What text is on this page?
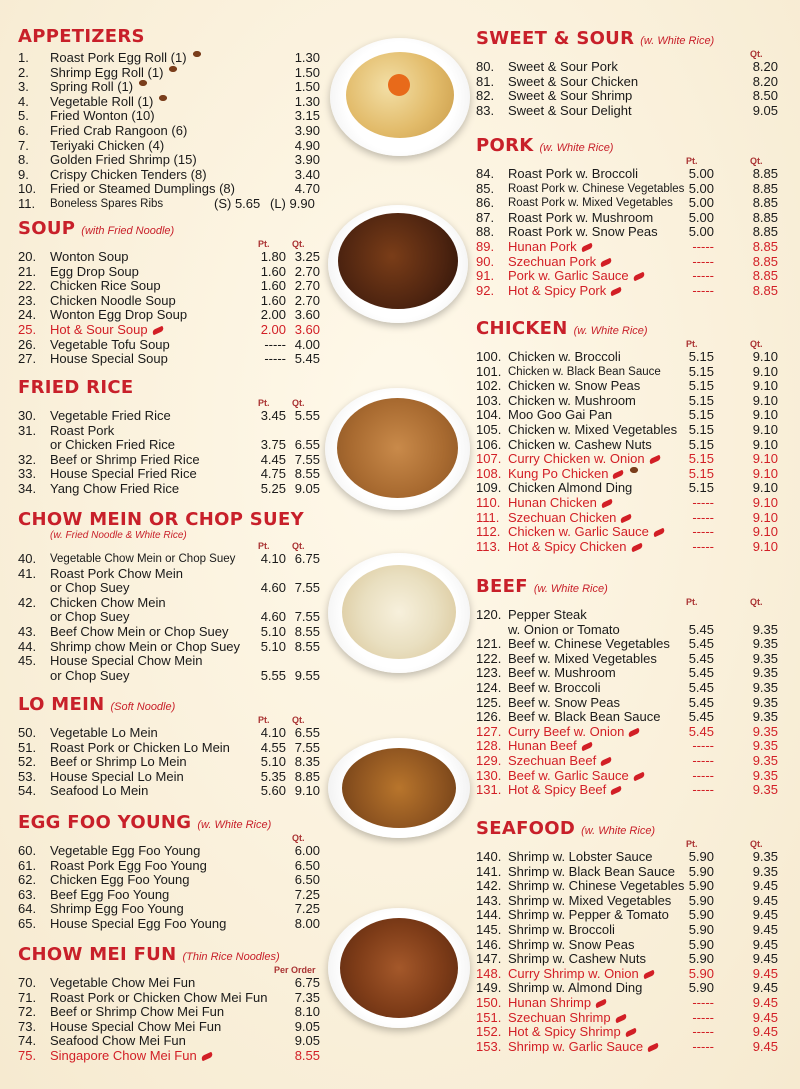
APPETIZERS
1. Roast Pork Egg Roll (1)	1.30
2. Shrimp Egg Roll (1)	1.50
3. Spring Roll (1)	1.50
4. Vegetable Roll (1)	1.30
5. Fried Wonton (10)	3.15
6. Fried Crab Rangoon (6)	3.90
7. Teriyaki Chicken (4)	4.90
8. Golden Fried Shrimp (15)	3.90
9. Crispy Chicken Tenders (8)	3.40
10. Fried or Steamed Dumplings (8)	4.70
11. Boneless Spares Ribs	(S) 5.65 (L) 9.90
SOUP (with Fried Noodle)
Pt. Qt.
20. Wonton Soup	1.80 3.25
21. Egg Drop Soup	1.60 2.70
22. Chicken Rice Soup	1.60 2.70
23. Chicken Noodle Soup	1.60 2.70
24. Wonton Egg Drop Soup	2.00 3.60
25. Hot & Sour Soup	2.00 3.60
26. Vegetable Tofu Soup	----- 4.00
27. House Special Soup	----- 5.45
FRIED RICE
Pt. Qt.
30. Vegetable Fried Rice	3.45 5.55
31. Roast Pork
or Chicken Fried Rice	3.75 6.55
32. Beef or Shrimp Fried Rice	4.45 7.55
33. House Special Fried Rice	4.75 8.55
34. Yang Chow Fried Rice	5.25 9.05
CHOW MEIN OR CHOP SUEY
(w. Fried Noodle & White Rice)
Pt. Qt.
40. Vegetable Chow Mein or Chop Suey	4.10 6.75
41. Roast Pork Chow Mein
or Chop Suey	4.60 7.55
42. Chicken Chow Mein
or Chop Suey	4.60 7.55
43. Beef Chow Mein or Chop Suey	5.10 8.55
44. Shrimp chow Mein or Chop Suey	5.10 8.55
45. House Special Chow Mein
or Chop Suey	5.55 9.55
LO MEIN (Soft Noodle)
Pt. Qt.
50. Vegetable Lo Mein	4.10 6.55
51. Roast Pork or Chicken Lo Mein	4.55 7.55
52. Beef or Shrimp Lo Mein	5.10 8.35
53. House Special Lo Mein	5.35 8.85
54. Seafood Lo Mein	5.60 9.10
EGG FOO YOUNG (w. White Rice)
Qt.
60. Vegetable Egg Foo Young	6.00
61. Roast Pork Egg Foo Young	6.50
62. Chicken Egg Foo Young	6.50
63. Beef Egg Foo Young	7.25
64. Shrimp Egg Foo Young	7.25
65. House Special Egg Foo Young	8.00
CHOW MEI FUN (Thin Rice Noodles)
Per Order
70. Vegetable Chow Mei Fun	6.75
71. Roast Pork or Chicken Chow Mei Fun	7.35
72. Beef or Shrimp Chow Mei Fun	8.10
73. House Special Chow Mei Fun	9.05
74. Seafood Chow Mei Fun	9.05
75. Singapore Chow Mei Fun	8.55
SWEET & SOUR (w. White Rice)
Qt.
80. Sweet & Sour Pork	8.20
81. Sweet & Sour Chicken	8.20
82. Sweet & Sour Shrimp	8.50
83. Sweet & Sour Delight	9.05
PORK (w. White Rice)
Pt.	Qt.
84. Roast Pork w. Broccoli	5.00	8.85
85. Roast Pork w. Chinese Vegetables 5.00	8.85
86. Roast Pork w. Mixed Vegetables	5.00	8.85
87. Roast Pork w. Mushroom	5.00	8.85
88. Roast Pork w. Snow Peas	5.00	8.85
89. Hunan Pork	-----	8.85
90. Szechuan Pork	-----	8.85
91. Pork w. Garlic Sauce	-----	8.85
92. Hot & Spicy Pork	-----	8.85
CHICKEN (w. White Rice)
Pt.	Qt.
100. Chicken w. Broccoli	5.15	9.10
101. Chicken w. Black Bean Sauce	5.15	9.10
102. Chicken w. Snow Peas	5.15	9.10
103. Chicken w. Mushroom	5.15	9.10
104. Moo Goo Gai Pan	5.15	9.10
105. Chicken w. Mixed Vegetables 5.15	9.10
106. Chicken w. Cashew Nuts	5.15	9.10
107. Curry Chicken w. Onion	5.15	9.10
108. Kung Po Chicken	5.15	9.10
109. Chicken Almond Ding	5.15	9.10
110. Hunan Chicken	-----	9.10
111. Szechuan Chicken	-----	9.10
112. Chicken w. Garlic Sauce	-----	9.10
113. Hot & Spicy Chicken	-----	9.10
BEEF (w. White Rice)
Pt.	Qt.
120. Pepper Steak
w. Onion or Tomato	5.45	9.35
121. Beef w. Chinese Vegetables	5.45	9.35
122. Beef w. Mixed Vegetables	5.45	9.35
123. Beef w. Mushroom	5.45	9.35
124. Beef w. Broccoli	5.45	9.35
125. Beef w. Snow Peas	5.45	9.35
126. Beef w. Black Bean Sauce	5.45	9.35
127. Curry Beef w. Onion	5.45	9.35
128. Hunan Beef	-----	9.35
129. Szechuan Beef	-----	9.35
130. Beef w. Garlic Sauce	-----	9.35
131. Hot & Spicy Beef	-----	9.35
SEAFOOD (w. White Rice)
Pt.	Qt.
140. Shrimp w. Lobster Sauce	5.90	9.35
141. Shrimp w. Black Bean Sauce	5.90	9.35
142. Shrimp w. Chinese Vegetables 5.90	9.45
143. Shrimp w. Mixed Vegetables	5.90	9.45
144. Shrimp w. Pepper & Tomato	5.90	9.45
145. Shrimp w. Broccoli	5.90	9.45
146. Shrimp w. Snow Peas	5.90	9.45
147. Shrimp w. Cashew Nuts	5.90	9.45
148. Curry Shrimp w. Onion	5.90	9.45
149. Shrimp w. Almond Ding	5.90	9.45
150. Hunan Shrimp	-----	9.45
151. Szechuan Shrimp	-----	9.45
152. Hot & Spicy Shrimp	-----	9.45
153. Shrimp w. Garlic Sauce	-----	9.45
